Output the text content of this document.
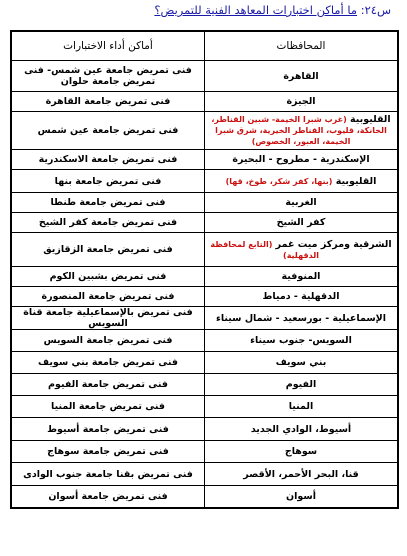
س٢٤: ما أماكن اختبارات المعاهد الفنية للتمريض؟
المحافظات	أماكن أداء الاختبارات
القاهرة	فنى تمريض جامعة عين شمس- فنى تمريض جامعة حلوان
الجيزة	فنى تمريض جامعة القاهرة
القليوبية (غرب شبرا الخيمة- شبين القناطر، الخانكة، قليوب، القناطر الخيرية، شرق شبرا الخيمة، العبور، الخصوص)	فنى تمريض جامعة عين شمس
الإسكندرية - مطروح - البحيرة	فنى تمريض جامعة الاسكندرية
القليوبية (بنها، كفر شكر، طوخ، قها)	فنى تمريض جامعة بنها
الغربية	فنى تمريض جامعة طنطا
كفر الشيخ	فنى تمريض جامعة كفر الشيخ
الشرقية ومركز ميت غمر (التابع لمحافظة الدقهلية)	فنى تمريض جامعة الزقازيق
المنوفية	فنى تمريض بشبين الكوم
الدقهلية - دمياط	فنى تمريض جامعة المنصورة
الإسماعيلية - بورسعيد - شمال سيناء	فنى تمريض بالإسماعيلية جامعة قناة السويس
السويس- جنوب سيناء	فنى تمريض جامعة السويس
بني سويف	فنى تمريض جامعة بني سويف
الفيوم	فنى تمريض جامعة الفيوم
المنيا	فنى تمريض جامعة المنيا
أسيوط، الوادي الجديد	فنى تمريض جامعة أسيوط
سوهاج	فنى تمريض جامعة سوهاج
قنا، البحر الأحمر، الأقصر	فنى تمريض بقنا جامعة جنوب الوادى
أسوان	فنى تمريض جامعة أسوان
